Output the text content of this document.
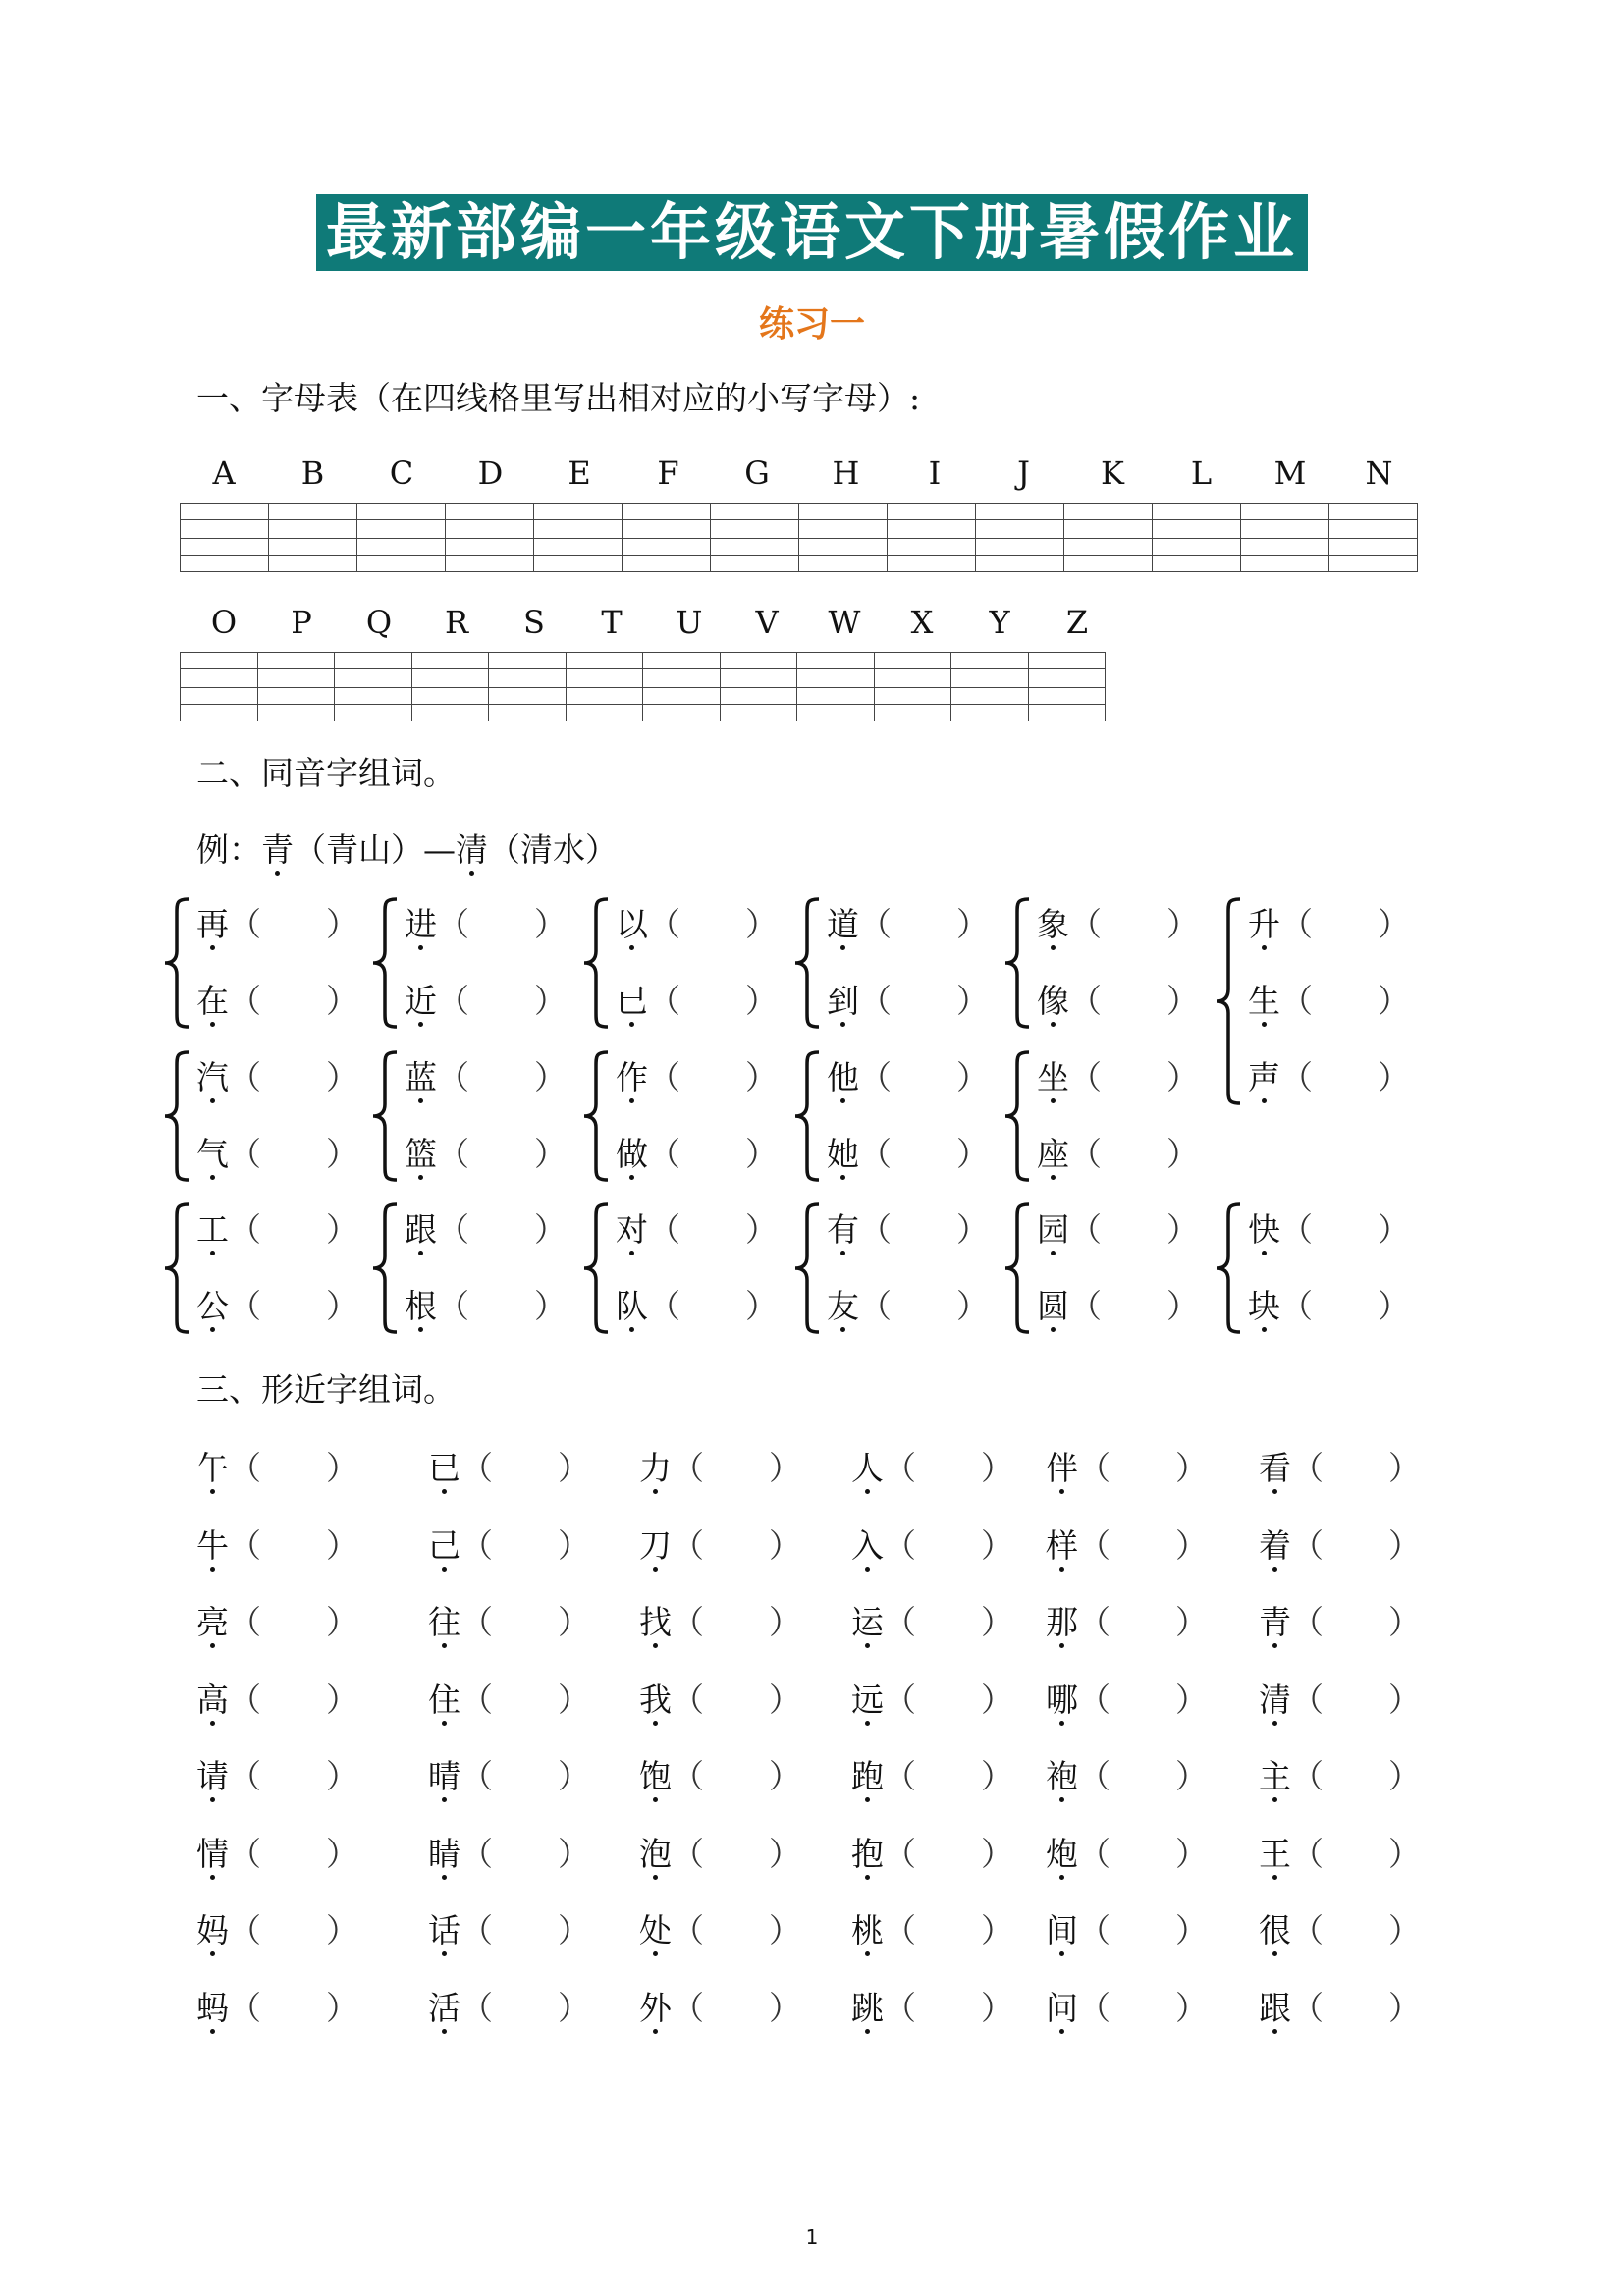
最新部编一年级语文下册暑假作业
练习一
一、字母表（在四线格里写出相对应的小写字母）:
A B C D E F G H	I	J	K L M N

O P Q R S T U V W X Y Z

二、同音字组词。
例：青（青山）—清（清水）
再（　　）
在（　　）
进（　　）
近（　　）
以（　　）
已（　　）
道（　　）
到（　　）
象（　　）
像（　　）
升（　　）
生（　　）
声（　　）
汽（　　）
气（　　）
蓝（　　）
篮（　　）
作（　　）
做（　　）
他（　　）
她（　　）
坐（　　）
座（　　）
工（　　）
公（　　）
跟（　　）
根（　　）
对（　　）
队（　　）
有（　　）
友（　　）
园（　　）
圆（　　）
快（　　）
块（　　）
三、形近字组词。
午（　　） 已（　　） 力（　　） 人（　　） 伴（　　） 看（　　）
牛（　　） 己（　　） 刀（　　） 入（　　） 样（　　） 着（　　）
亮（　　） 往（　　） 找（　　） 运（　　） 那（　　） 青（　　）
高（　　） 住（　　） 我（　　） 远（　　） 哪（　　） 清（　　）
请（　　） 晴（　　） 饱（　　） 跑（　　） 袍（　　） 主（　　）
情（　　） 睛（　　） 泡（　　） 抱（　　） 炮（　　） 王（　　）
妈（　　） 话（　　） 处（　　） 桃（　　） 间（　　） 很（　　）
蚂（　　） 活（　　） 外（　　） 跳（　　） 问（　　） 跟（　　）
1
